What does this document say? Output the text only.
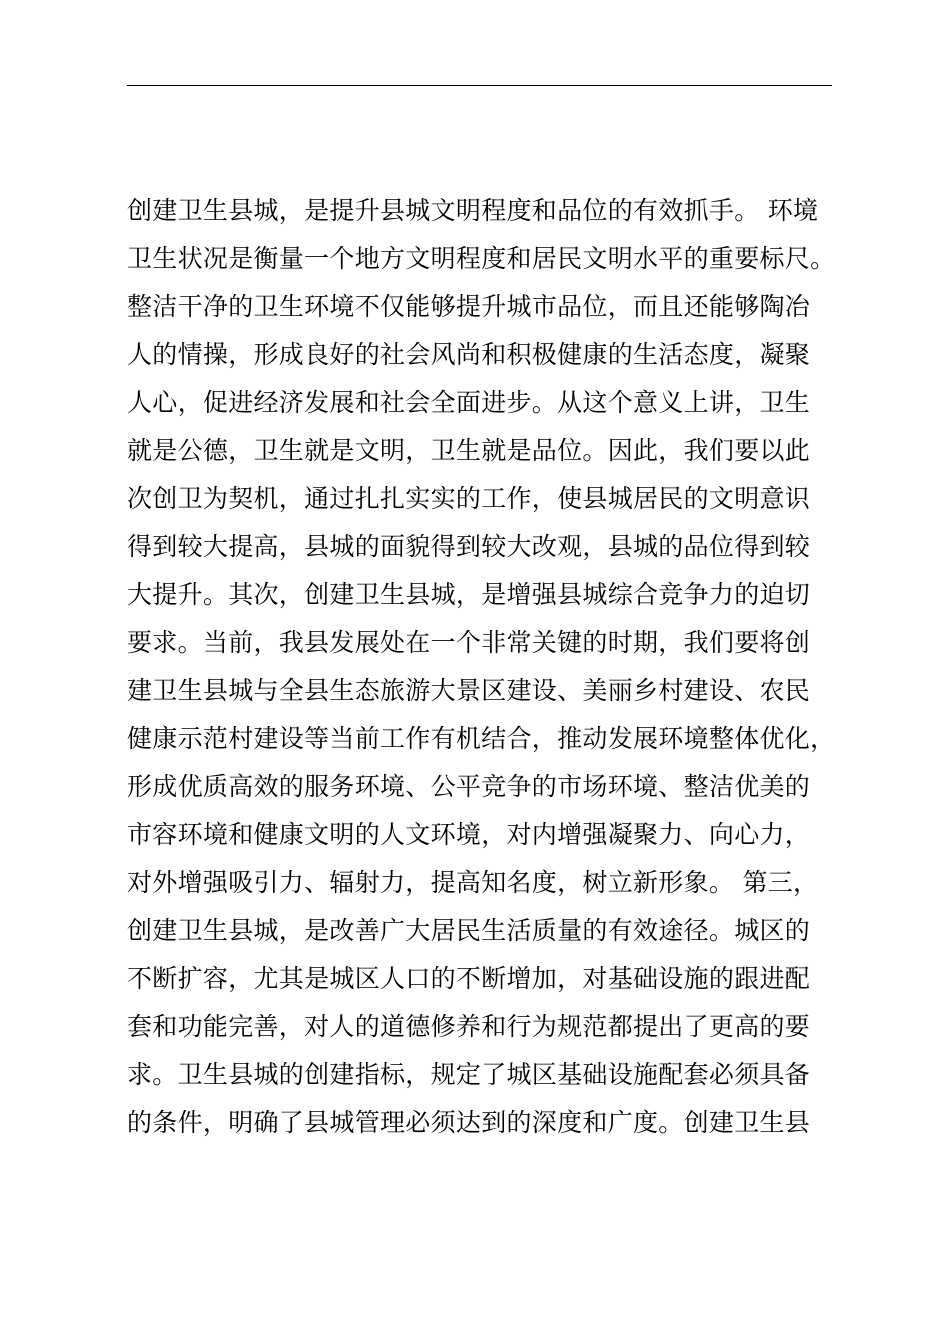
创建卫生县城，是提升县城文明程度和品位的有效抓手。 环境
卫生状况是衡量一个地方文明程度和居民文明水平的重要标尺。
整洁干净的卫生环境不仅能够提升城市品位，而且还能够陶冶
人的情操，形成良好的社会风尚和积极健康的生活态度，凝聚
人心，促进经济发展和社会全面进步。从这个意义上讲，卫生
就是公德，卫生就是文明，卫生就是品位。因此，我们要以此
次创卫为契机，通过扎扎实实的工作，使县城居民的文明意识
得到较大提高，县城的面貌得到较大改观，县城的品位得到较
大提升。其次，创建卫生县城，是增强县城综合竞争力的迫切
要求。当前，我县发展处在一个非常关键的时期，我们要将创
建卫生县城与全县生态旅游大景区建设、美丽乡村建设、农民
健康示范村建设等当前工作有机结合，推动发展环境整体优化，
形成优质高效的服务环境、公平竞争的市场环境、整洁优美的
市容环境和健康文明的人文环境，对内增强凝聚力、向心力，
对外增强吸引力、辐射力，提高知名度，树立新形象。 第三，
创建卫生县城，是改善广大居民生活质量的有效途径。城区的
不断扩容，尤其是城区人口的不断增加，对基础设施的跟进配
套和功能完善，对人的道德修养和行为规范都提出了更高的要
求。卫生县城的创建指标，规定了城区基础设施配套必须具备
的条件，明确了县城管理必须达到的深度和广度。创建卫生县
